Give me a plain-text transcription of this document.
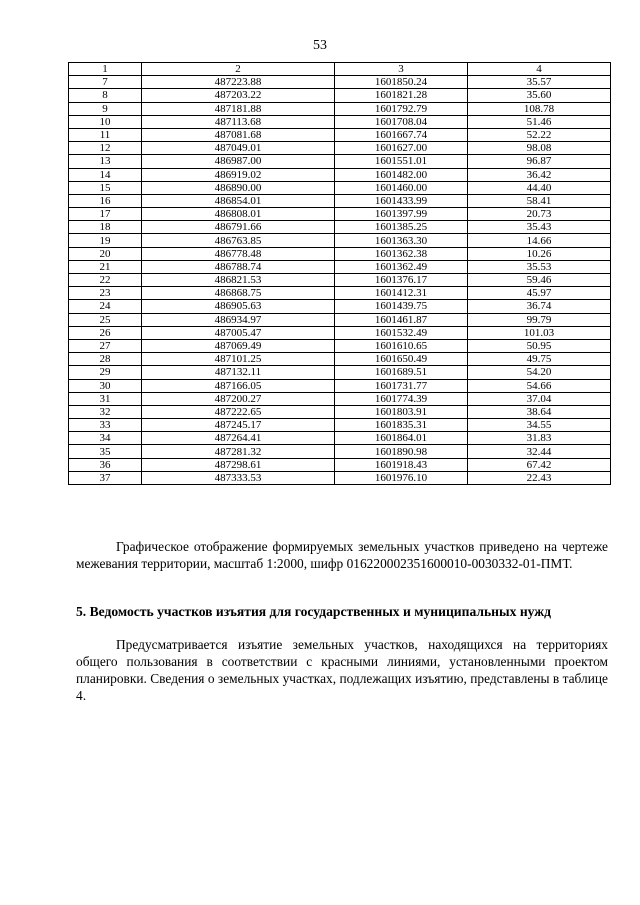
53
1	2	3	4
7	487223.88	1601850.24	35.57
8	487203.22	1601821.28	35.60
9	487181.88	1601792.79	108.78
10	487113.68	1601708.04	51.46
11	487081.68	1601667.74	52.22
12	487049.01	1601627.00	98.08
13	486987.00	1601551.01	96.87
14	486919.02	1601482.00	36.42
15	486890.00	1601460.00	44.40
16	486854.01	1601433.99	58.41
17	486808.01	1601397.99	20.73
18	486791.66	1601385.25	35.43
19	486763.85	1601363.30	14.66
20	486778.48	1601362.38	10.26
21	486788.74	1601362.49	35.53
22	486821.53	1601376.17	59.46
23	486868.75	1601412.31	45.97
24	486905.63	1601439.75	36.74
25	486934.97	1601461.87	99.79
26	487005.47	1601532.49	101.03
27	487069.49	1601610.65	50.95
28	487101.25	1601650.49	49.75
29	487132.11	1601689.51	54.20
30	487166.05	1601731.77	54.66
31	487200.27	1601774.39	37.04
32	487222.65	1601803.91	38.64
33	487245.17	1601835.31	34.55
34	487264.41	1601864.01	31.83
35	487281.32	1601890.98	32.44
36	487298.61	1601918.43	67.42
37	487333.53	1601976.10	22.43

Графическое отображение формируемых земельных участков приведено на чертеже межевания территории, масштаб 1:2000, шифр 016220002351600010-0030332-01-ПМТ.

5. Ведомость участков изъятия для государственных и муниципальных нужд

Предусматривается изъятие земельных участков, находящихся на территориях общего пользования в соответствии с красными линиями, установленными проектом планировки. Сведения о земельных участках, подлежащих изъятию, представлены в таблице 4.
